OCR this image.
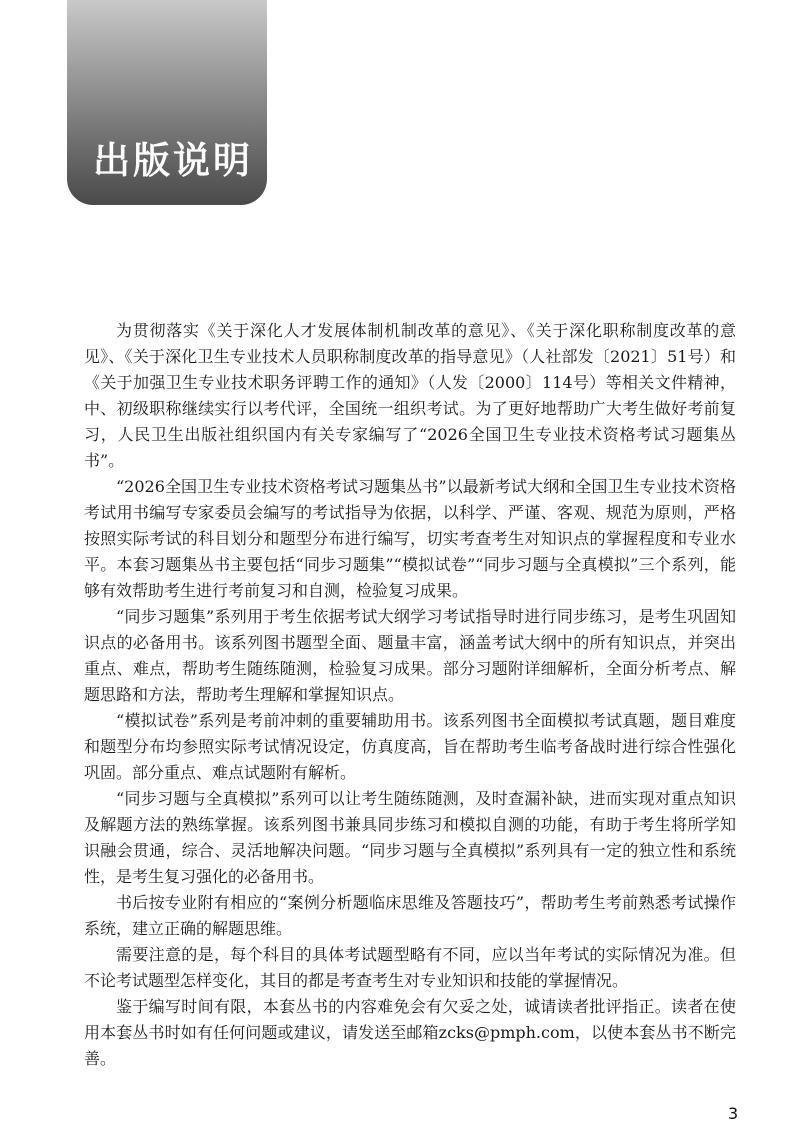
出版说明

为贯彻落实《关于深化人才发展体制机制改革的意见》、《关于深化职称制度改革的意见》、《关于深化卫生专业技术人员职称制度改革的指导意见》（人社部发〔2021〕51号）和《关于加强卫生专业技术职务评聘工作的通知》（人发〔2000〕114号）等相关文件精神，中、初级职称继续实行以考代评，全国统一组织考试。为了更好地帮助广大考生做好考前复习，人民卫生出版社组织国内有关专家编写了“2026全国卫生专业技术资格考试习题集丛书”。

“2026全国卫生专业技术资格考试习题集丛书”以最新考试大纲和全国卫生专业技术资格考试用书编写专家委员会编写的考试指导为依据，以科学、严谨、客观、规范为原则，严格按照实际考试的科目划分和题型分布进行编写，切实考查考生对知识点的掌握程度和专业水平。本套习题集丛书主要包括“同步习题集”“模拟试卷”“同步习题与全真模拟”三个系列，能够有效帮助考生进行考前复习和自测，检验复习成果。

“同步习题集”系列用于考生依据考试大纲学习考试指导时进行同步练习，是考生巩固知识点的必备用书。该系列图书题型全面、题量丰富，涵盖考试大纲中的所有知识点，并突出重点、难点，帮助考生随练随测，检验复习成果。部分习题附详细解析，全面分析考点、解题思路和方法，帮助考生理解和掌握知识点。

“模拟试卷”系列是考前冲刺的重要辅助用书。该系列图书全面模拟考试真题，题目难度和题型分布均参照实际考试情况设定，仿真度高，旨在帮助考生临考备战时进行综合性强化巩固。部分重点、难点试题附有解析。

“同步习题与全真模拟”系列可以让考生随练随测，及时查漏补缺，进而实现对重点知识及解题方法的熟练掌握。该系列图书兼具同步练习和模拟自测的功能，有助于考生将所学知识融会贯通，综合、灵活地解决问题。“同步习题与全真模拟”系列具有一定的独立性和系统性，是考生复习强化的必备用书。

书后按专业附有相应的“案例分析题临床思维及答题技巧”，帮助考生考前熟悉考试操作系统，建立正确的解题思维。

需要注意的是，每个科目的具体考试题型略有不同，应以当年考试的实际情况为准。但不论考试题型怎样变化，其目的都是考查考生对专业知识和技能的掌握情况。

鉴于编写时间有限，本套丛书的内容难免会有欠妥之处，诚请读者批评指正。读者在使用本套丛书时如有任何问题或建议，请发送至邮箱zcks@pmph.com，以使本套丛书不断完善。

3
